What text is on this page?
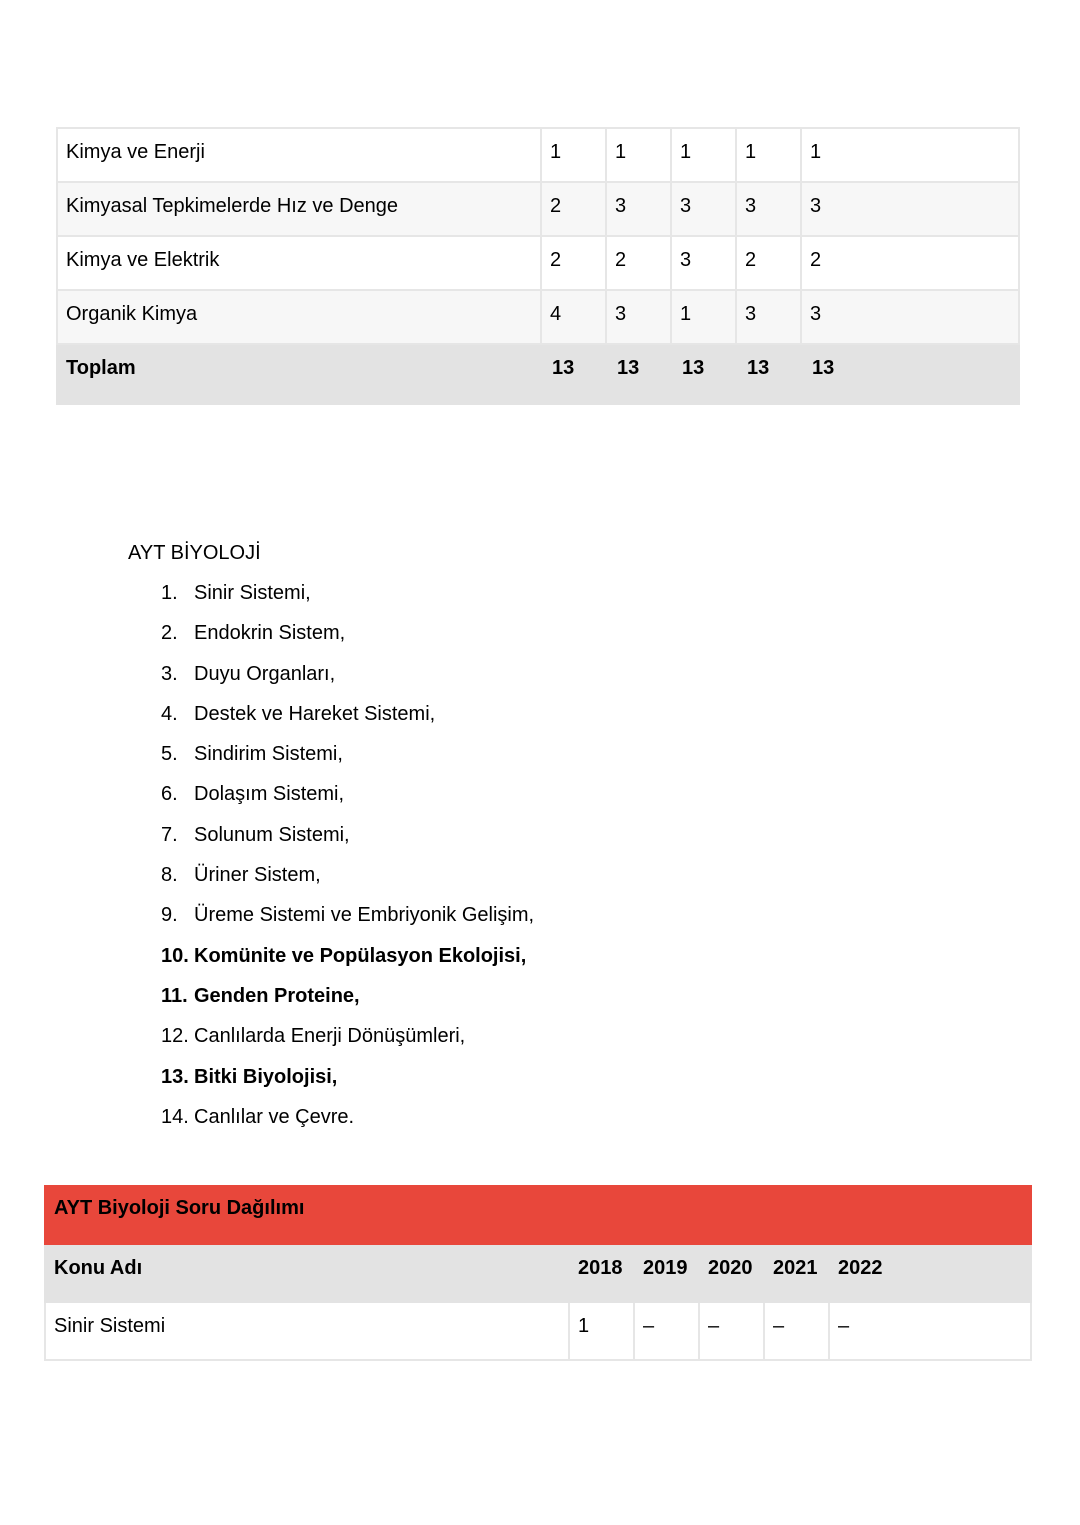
Kimya ve Enerji	1	1	1	1	1
Kimyasal Tepkimelerde Hız ve Denge	2	3	3	3	3
Kimya ve Elektrik	2	2	3	2	2
Organik Kimya	4	3	1	3	3
Toplam	13	13	13	13	13
AYT BİYOLOJİ
1. Sinir Sistemi,
2. Endokrin Sistem,
3. Duyu Organları,
4. Destek ve Hareket Sistemi,
5. Sindirim Sistemi,
6. Dolaşım Sistemi,
7. Solunum Sistemi,
8. Üriner Sistem,
9. Üreme Sistemi ve Embriyonik Gelişim,
10. Komünite ve Popülasyon Ekolojisi,
11. Genden Proteine,
12. Canlılarda Enerji Dönüşümleri,
13. Bitki Biyolojisi,
14. Canlılar ve Çevre.
AYT Biyoloji Soru Dağılımı					
Konu Adı	2018	2019	2020	2021	2022
Sinir Sistemi	1	–	–	–	–
